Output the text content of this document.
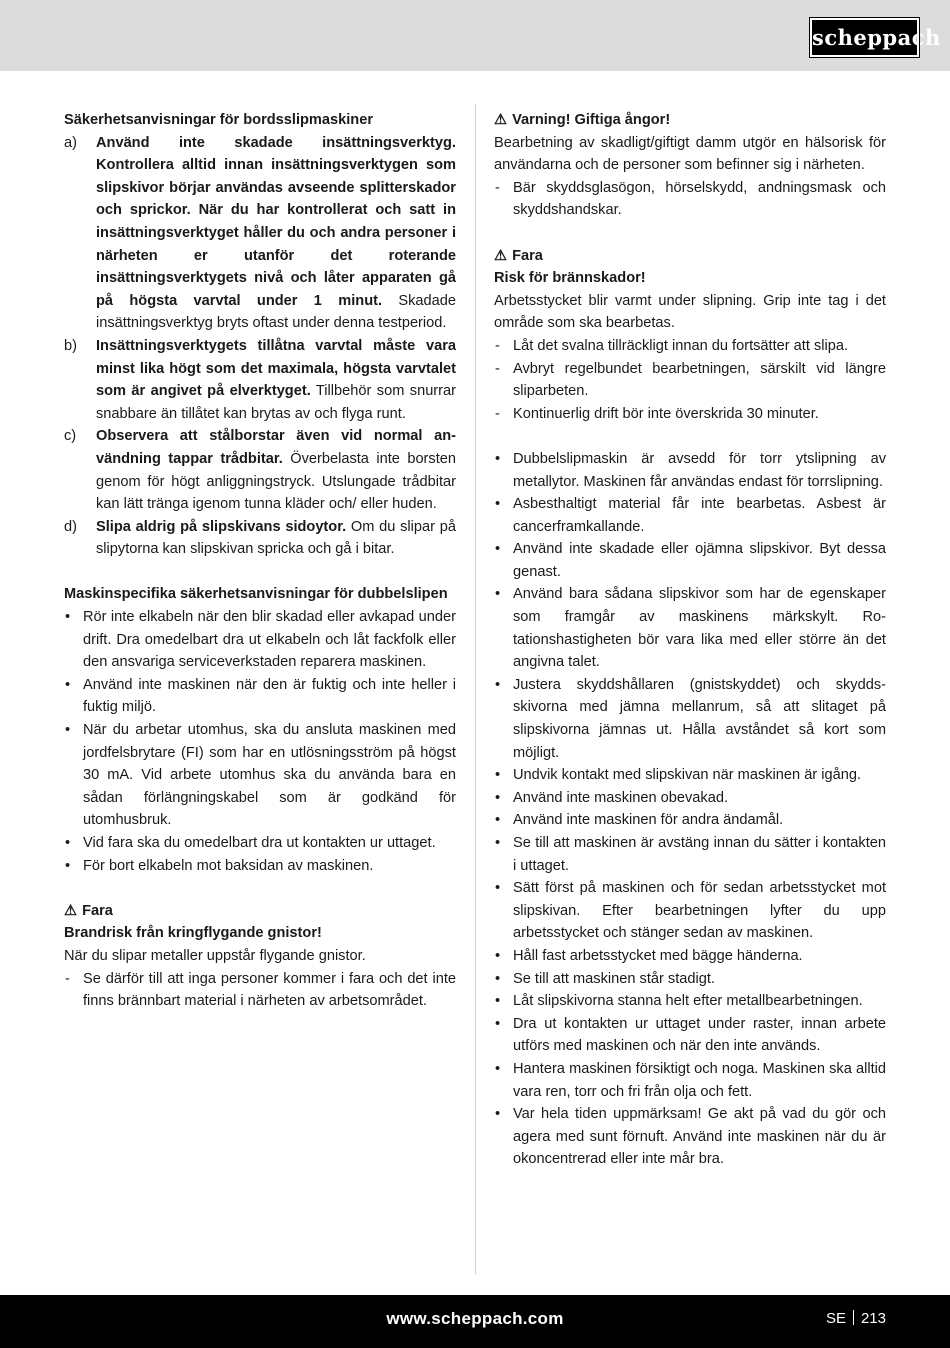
scheppach

Säkerhetsanvisningar för bordsslipmaskiner

a) Använd inte skadade insättningsverktyg. Kontrollera alltid innan insättningsverktygen som slipskivor börjar användas avseende splitterskador och sprickor. När du har kontrollerat och satt in insättningsverktyget håller du och andra personer i närheten er utanför det roterande insättningsverktygets nivå och låter apparaten gå på högsta varvtal under 1 minut. Skadade insättningsverktyg bryts oftast under denna testperiod.
b) Insättningsverktygets tillåtna varvtal måste vara minst lika högt som det maximala, högsta varvtalet som är angivet på elverktyget. Tillbehör som snurrar snabbare än tillåtet kan brytas av och flyga runt.
c) Observera att stålborstar även vid normal användning tappar trådbitar. Överbelasta inte borsten genom för högt anliggningstryck. Utslungade trådbitar kan lätt tränga igenom tunna kläder och/ eller huden.
d) Slipa aldrig på slipskivans sidoytor. Om du slipar på slipytorna kan slipskivan spricka och gå i bitar.

Maskinspecifika säkerhetsanvisningar för dubbelslipen

• Rör inte elkabeln när den blir skadad eller avkapad under drift. Dra omedelbart dra ut elkabeln och låt fackfolk eller den ansvariga serviceverkstaden reparera maskinen.
• Använd inte maskinen när den är fuktig och inte heller i fuktig miljö.
• När du arbetar utomhus, ska du ansluta maskinen med jordfelsbrytare (FI) som har en utlösningsström på högst 30 mA. Vid arbete utomhus ska du använda bara en sådan förlängningskabel som är godkänd för utomhusbruk.
• Vid fara ska du omedelbart dra ut kontakten ur uttaget.
• För bort elkabeln mot baksidan av maskinen.

⚠ Fara

Brandrisk från kringflygande gnistor!

När du slipar metaller uppstår flygande gnistor.

- Se därför till att inga personer kommer i fara och det inte finns brännbart material i närheten av arbetsområdet.

⚠ Varning! Giftiga ångor!

Bearbetning av skadligt/giftigt damm utgör en hälsorisk för användarna och de personer som befinner sig i närheten.

- Bär skyddsglasögon, hörselskydd, andningsmask och skyddshandskar.

⚠ Fara

Risk för brännskador!

Arbetsstycket blir varmt under slipning. Grip inte tag i det område som ska bearbetas.

- Låt det svalna tillräckligt innan du fortsätter att slipa.
- Avbryt regelbundet bearbetningen, särskilt vid längre sliparbeten.
- Kontinuerlig drift bör inte överskrida 30 minuter.
• Dubbelslipmaskin är avsedd för torr ytslipning av metallytor. Maskinen får användas endast för torrslipning.
• Asbesthaltigt material får inte bearbetas. Asbest är cancerframkallande.
• Använd inte skadade eller ojämna slipskivor. Byt dessa genast.
• Använd bara sådana slipskivor som har de egenskaper som framgår av maskinens märkskylt. Rotationshastigheten bör vara lika med eller större än det angivna talet.
• Justera skyddshållaren (gnistskyddet) och skyddsskivorna med jämna mellanrum, så att slitaget på slipskivorna jämnas ut. Hålla avståndet så kort som möjligt.
• Undvik kontakt med slipskivan när maskinen är igång.
• Använd inte maskinen obevakad.
• Använd inte maskinen för andra ändamål.
• Se till att maskinen är avstäng innan du sätter i kontakten i uttaget.
• Sätt först på maskinen och för sedan arbetsstycket mot slipskivan. Efter bearbetningen lyfter du upp arbetsstycket och stänger sedan av maskinen.
• Håll fast arbetsstycket med bägge händerna.
• Se till att maskinen står stadigt.
• Låt slipskivorna stanna helt efter metallbearbetningen.
• Dra ut kontakten ur uttaget under raster, innan arbete utförs med maskinen och när den inte används.
• Hantera maskinen försiktigt och noga. Maskinen ska alltid vara ren, torr och fri från olja och fett.
• Var hela tiden uppmärksam! Ge akt på vad du gör och agera med sunt förnuft. Använd inte maskinen när du är okoncentrerad eller inte mår bra.
www.scheppach.com	SE 213
